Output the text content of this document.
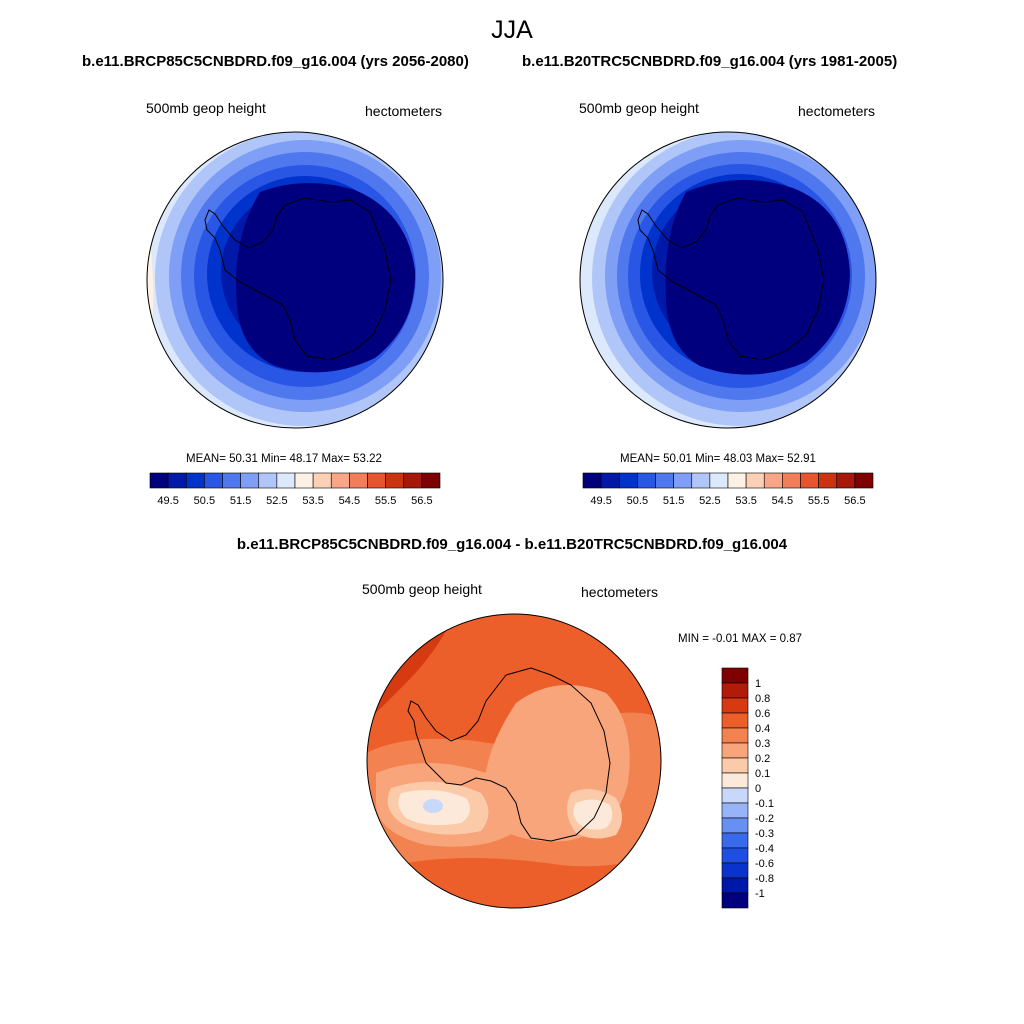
JJA
b.e11.BRCP85C5CNBDRD.f09_g16.004 (yrs 2056-2080)	b.e11.B20TRC5CNBDRD.f09_g16.004 (yrs 1981-2005)
500mb geop height	hectometers	500mb geop height	hectometers
MEAN= 50.31 Min= 48.17 Max= 53.22	MEAN= 50.01 Min= 48.03 Max= 52.91
49.5 50.5 51.5 52.5 53.5 54.5 55.5 56.5	49.5 50.5 51.5 52.5 53.5 54.5 55.5 56.5
b.e11.BRCP85C5CNBDRD.f09_g16.004 - b.e11.B20TRC5CNBDRD.f09_g16.004
500mb geop height	hectometers
MIN = -0.01 MAX = 0.87
1
0.8
0.6
0.4
0.3
0.2
0.1
0
-0.1
-0.2
-0.3
-0.4
-0.6
-0.8
-1
